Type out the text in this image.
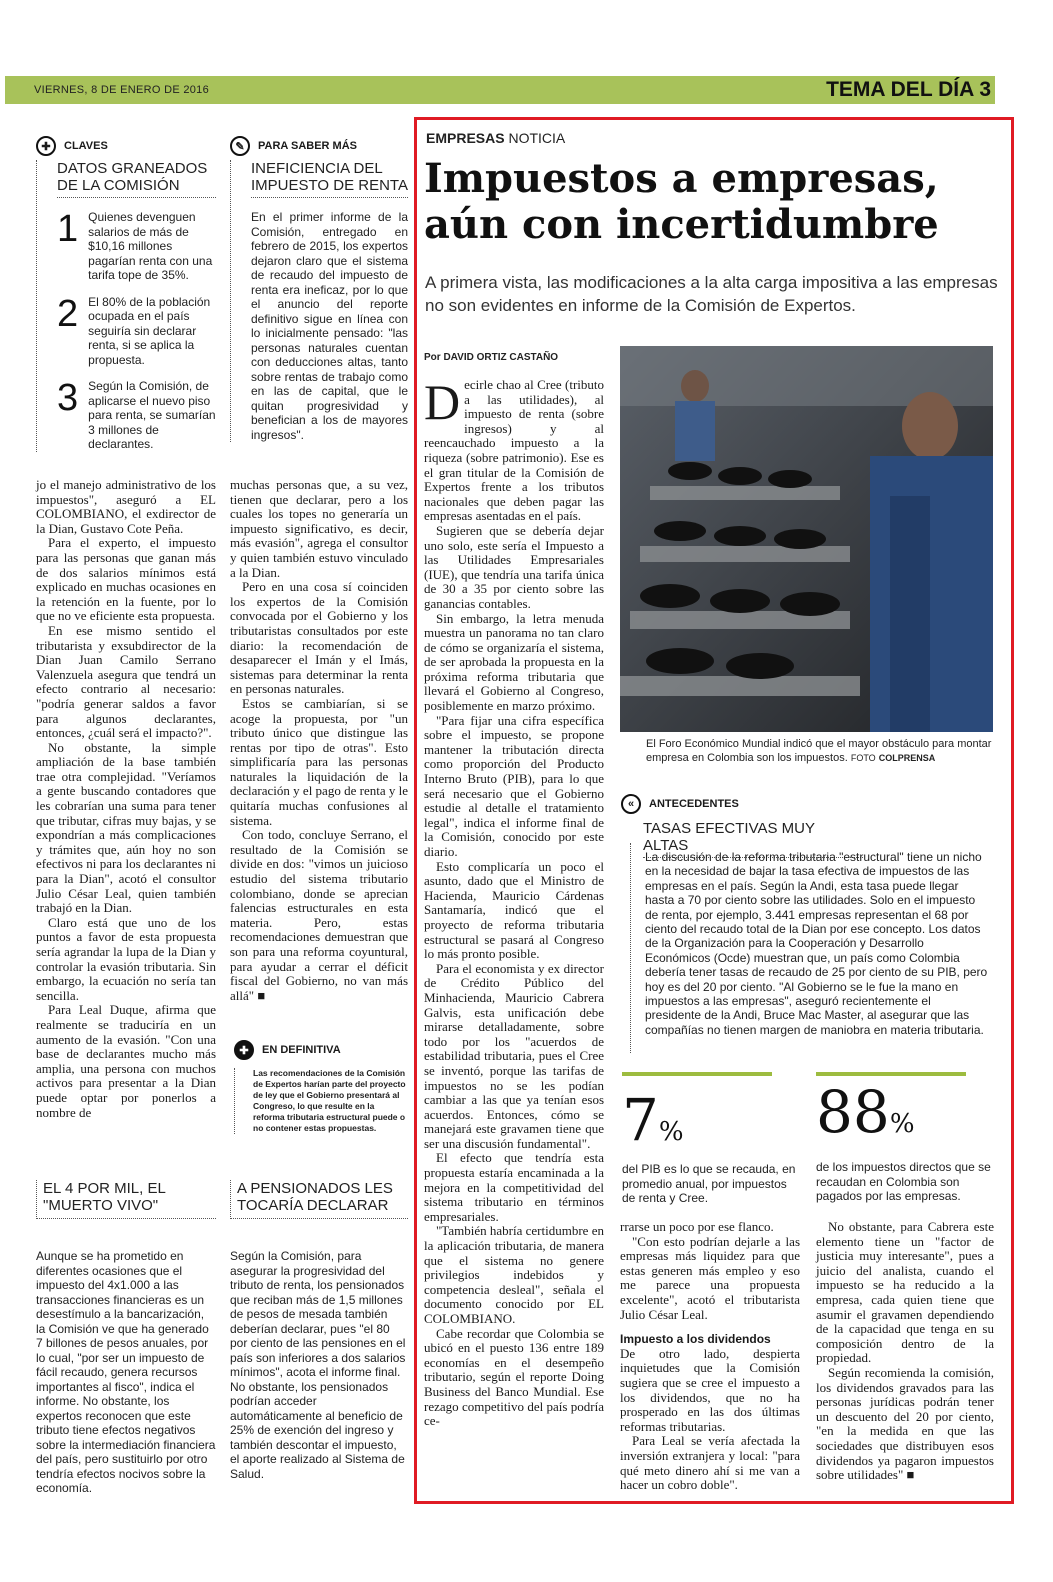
VIERNES, 8 DE ENERO DE 2016	TEMA DEL DÍA 3
✚	CLAVES
DATOS GRANEADOS DE LA COMISIÓN
1 Quienes devenguen salarios de más de $10,16 millones pagarían renta con una tarifa tope de 35%.
2 El 80% de la población ocupada en el país seguiría sin declarar renta, si se aplica la propuesta.
3 Según la Comisión, de aplicarse el nuevo piso para renta, se sumarían 3 millones de declarantes.
✎	PARA SABER MÁS
INEFICIENCIA DEL IMPUESTO DE RENTA
En el primer informe de la Comisión, entregado en febrero de 2015, los expertos dejaron claro que el sistema de recaudo del impuesto de renta era ineficaz, por lo que el anuncio del reporte definitivo sigue en línea con lo inicialmente pensado: "las personas naturales cuentan con deducciones altas, tanto sobre rentas de trabajo como en las de capital, que le quitan progresividad y benefician a los de mayores ingresos".

jo el manejo administrativo de los impuestos", aseguró a EL COLOMBIANO, el exdirector de la Dian, Gustavo Cote Peña.

Para el experto, el impuesto para las personas que ganan más de dos salarios mínimos está explicado en muchas ocasiones en la retención en la fuente, por lo que no ve eficiente esta propuesta.

En ese mismo sentido el tributarista y exsubdirector de la Dian Juan Camilo Serrano Valenzuela asegura que tendrá un efecto contrario al necesario: "podría generar saldos a favor para algunos declarantes, entonces, ¿cuál será el impacto?".

No obstante, la simple ampliación de la base también trae otra complejidad. "Veríamos a gente buscando contadores que les cobrarían una suma para tener que tributar, cifras muy bajas, y se expondrían a más complicaciones y trámites que, aún hoy no son efectivos ni para los declarantes ni para la Dian", acotó el consultor Julio César Leal, quien también trabajó en la Dian.

Claro está que uno de los puntos a favor de esta propuesta sería agrandar la lupa de la Dian y controlar la evasión tributaria. Sin embargo, la ecuación no sería tan sencilla.

Para Leal Duque, afirma que realmente se traduciría en un aumento de la evasión. "Con una base de declarantes mucho más amplia, una persona con muchos activos para presentar a la Dian puede optar por ponerlos a nombre de

muchas personas que, a su vez, tienen que declarar, pero a los cuales los topes no generaría un impuesto significativo, es decir, más evasión", agrega el consultor y quien también estuvo vinculado a la Dian.

Pero en una cosa sí coinciden los expertos de la Comisión convocada por el Gobierno y los tributaristas consultados por este diario: la recomendación de desaparecer el Imán y el Imás, sistemas para determinar la renta en personas naturales.

Estos se cambiarían, si se acoge la propuesta, por "un tributo único que distingue las rentas por tipo de otras". Esto simplificaría para las personas naturales la liquidación de la declaración y el pago de renta y le quitaría muchas confusiones al sistema.

Con todo, concluye Serrano, el resultado de la Comisión se divide en dos: "vimos un juicioso estudio del sistema tributario colombiano, donde se aprecian falencias estructurales en esta materia. Pero, estas recomendaciones demuestran que son para una reforma coyuntural, para ayudar a cerrar el déficit fiscal del Gobierno, no van más allá" ■

✚	EN DEFINITIVA
Las recomendaciones de la Comisión de Expertos harían parte del proyecto de ley que el Gobierno presentará al Congreso, lo que resulte en la reforma tributaria estructural puede o no contener estas propuestas.
EL 4 POR MIL, EL "MUERTO VIVO"
Aunque se ha prometido en diferentes ocasiones que el impuesto del 4x1.000 a las transacciones financieras es un desestímulo a la bancarización, la Comisión ve que ha generado 7 billones de pesos anuales, por lo cual, "por ser un impuesto de fácil recaudo, genera recursos importantes al fisco", indica el informe. No obstante, los expertos reconocen que este tributo tiene efectos negativos sobre la intermediación financiera del país, pero sustituirlo por otro tendría efectos nocivos sobre la economía.
A PENSIONADOS LES TOCARÍA DECLARAR
Según la Comisión, para asegurar la progresividad del tributo de renta, los pensionados que reciban más de 1,5 millones de pesos de mesada también deberían declarar, pues "el 80 por ciento de las pensiones en el país son inferiores a dos salarios mínimos", acota el informe final. No obstante, los pensionados podrían acceder automáticamente al beneficio de 25% de exención del ingreso y también descontar el impuesto, el aporte realizado al Sistema de Salud.
EMPRESAS NOTICIA
Impuestos a empresas, aún con incertidumbre
A primera vista, las modificaciones a la alta carga impositiva a las empresas no son evidentes en informe de la Comisión de Expertos.
Por DAVID ORTIZ CASTAÑO
El Foro Económico Mundial indicó que el mayor obstáculo para montar empresa en Colombia son los impuestos. FOTO COLPRENSA

Decirle chao al Cree (tributo a las utilidades), al impuesto de renta (sobre ingresos) y al reencauchado impuesto a la riqueza (sobre patrimonio). Ese es el gran titular de la Comisión de Expertos frente a los tributos nacionales que deben pagar las empresas asentadas en el país.

Sugieren que se debería dejar uno solo, este sería el Impuesto a las Utilidades Empresariales (IUE), que tendría una tarifa única de 30 a 35 por ciento sobre las ganancias contables.

Sin embargo, la letra menuda muestra un panorama no tan claro de cómo se organizaría el sistema, de ser aprobada la propuesta en la próxima reforma tributaria que llevará el Gobierno al Congreso, posiblemente en marzo próximo.

"Para fijar una cifra específica sobre el impuesto, se propone mantener la tributación directa como proporción del Producto Interno Bruto (PIB), para lo que será necesario que el Gobierno estudie al detalle el tratamiento legal", indica el informe final de la Comisión, conocido por este diario.

Esto complicaría un poco el asunto, dado que el Ministro de Hacienda, Mauricio Cárdenas Santamaría, indicó que el proyecto de reforma tributaria estructural se pasará al Congreso lo más pronto posible.

Para el economista y ex director de Crédito Público del Minhacienda, Mauricio Cabrera Galvis, esta unificación debe mirarse detalladamente, sobre todo por los "acuerdos de estabilidad tributaria, pues el Cree se inventó, porque las tarifas de impuestos no se les podían cambiar a las que ya tenían esos acuerdos. Entonces, cómo se manejará este gravamen tiene que ser una discusión fundamental".

El efecto que tendría esta propuesta estaría encaminada a la mejora en la competitividad del sistema tributario en términos empresariales.

"También habría certidumbre en la aplicación tributaria, de manera que el sistema no genere privilegios indebidos y competencia desleal", señala el documento conocido por EL COLOMBIANO.

Cabe recordar que Colombia se ubicó en el puesto 136 entre 189 economías en el desempeño tributario, según el reporte Doing Business del Banco Mundial. Ese rezago competitivo del país podría ce-

«	ANTECEDENTES
TASAS EFECTIVAS MUY ALTAS
La discusión de la reforma tributaria "estructural" tiene un nicho en la necesidad de bajar la tasa efectiva de impuestos de las empresas en el país. Según la Andi, esta tasa puede llegar hasta a 70 por ciento sobre las utilidades. Solo en el impuesto de renta, por ejemplo, 3.441 empresas representan el 68 por ciento del recaudo total de la Dian por ese concepto. Los datos de la Organización para la Cooperación y Desarrollo Económicos (Ocde) muestran que, un país como Colombia debería tener tasas de recaudo de 25 por ciento de su PIB, pero hoy es del 20 por ciento. "Al Gobierno se le fue la mano en impuestos a las empresas", aseguró recientemente el presidente de la Andi, Bruce Mac Master, al asegurar que las compañías no tienen margen de maniobra en materia tributaria.
7%
del PIB es lo que se recauda, en promedio anual, por impuestos de renta y Cree.
88%
de los impuestos directos que se recaudan en Colombia son pagados por las empresas.

rrarse un poco por ese flanco.

"Con esto podrían dejarle a las empresas más liquidez para que estas generen más empleo y eso me parece una propuesta excelente", acotó el tributarista Julio César Leal.

Impuesto a los dividendos

De otro lado, despierta inquietudes que la Comisión sugiera que se cree el impuesto a los dividendos, que no ha prosperado en las dos últimas reformas tributarias.

Para Leal se vería afectada la inversión extranjera y local: "para qué meto dinero ahí si me van a hacer un cobro doble".

No obstante, para Cabrera este elemento tiene un "factor de justicia muy interesante", pues a juicio del analista, cuando el impuesto se ha reducido a la empresa, cada quien tiene que asumir el gravamen dependiendo de la capacidad que tenga en su composición dentro de la propiedad.

Según recomienda la comisión, los dividendos gravados para las personas jurídicas podrán tener un descuento del 20 por ciento, "en la medida en que las sociedades que distribuyen esos dividendos ya pagaron impuestos sobre utilidades" ■
